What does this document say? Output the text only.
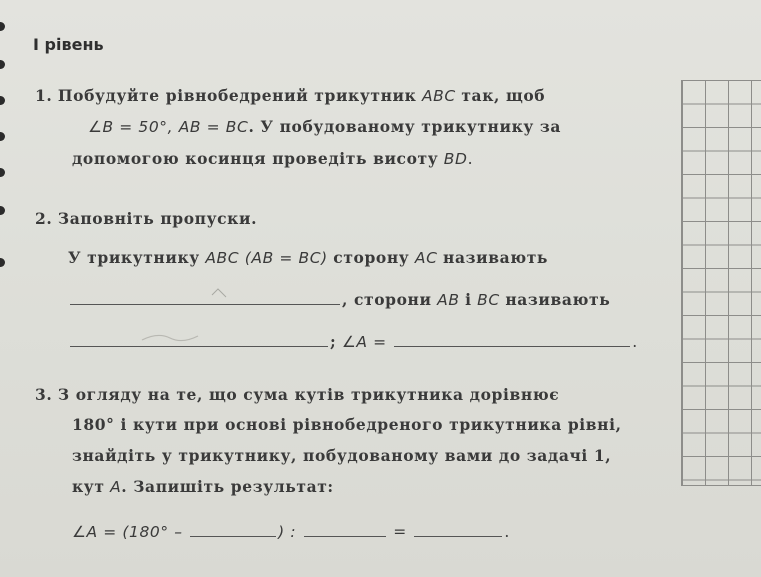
І рівень
1. Побудуйте рівнобедрений трикутник ABC так, щоб
∠B = 50°, AB = BC. У побудованому трикутнику за
допомогою косинця проведіть висоту BD.
2. Заповніть пропуски.
У трикутнику ABC (AB = BC) сторону AC називають
, сторони AB і BC називають
; ∠A =	.
3. З огляду на те, що сума кутів трикутника дорівнює
180° і кути при основі рівнобедреного трикутника рівні,
знайдіть у трикутнику, побудованому вами до задачі 1,
кут A. Запишіть результат:
∠A = (180° –	) :	=	.
